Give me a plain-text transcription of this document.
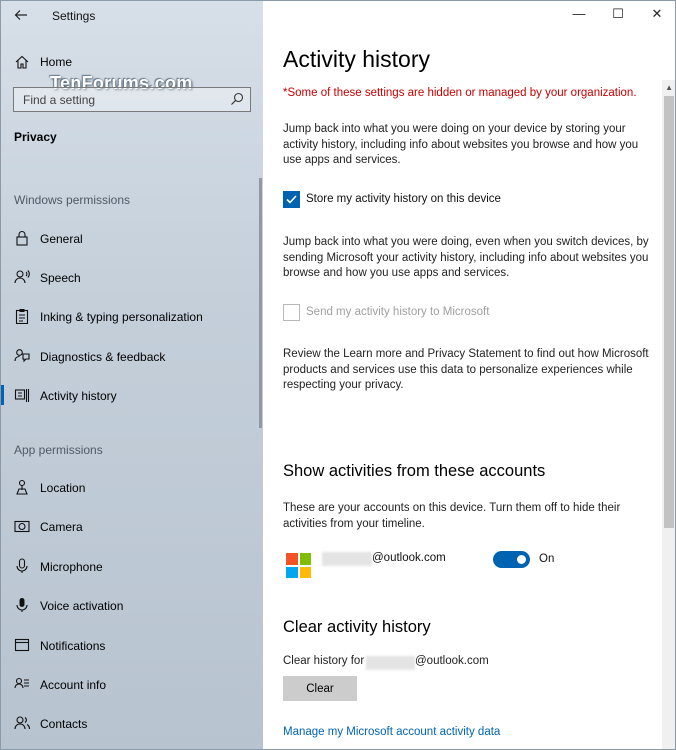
Settings
Home
TenForums.com
Find a setting
Privacy
Windows permissions
General
Speech
Inking & typing personalization
Diagnostics & feedback
Activity history
App permissions
Location
Camera
Microphone
Voice activation
Notifications
Account info
Contacts
—	☐	✕
▲
Activity history
*Some of these settings are hidden or managed by your organization.
Jump back into what you were doing on your device by storing your activity history, including info about websites you browse and how you use apps and services.
Store my activity history on this device
Jump back into what you were doing, even when you switch devices, by sending Microsoft your activity history, including info about websites you browse and how you use apps and services.
Send my activity history to Microsoft
Review the Learn more and Privacy Statement to find out how Microsoft products and services use this data to personalize experiences while respecting your privacy.
Show activities from these accounts
These are your accounts on this device. Turn them off to hide their activities from your timeline.
@outlook.com	On
Clear activity history
Clear history for	@outlook.com
Clear
Manage my Microsoft account activity data
